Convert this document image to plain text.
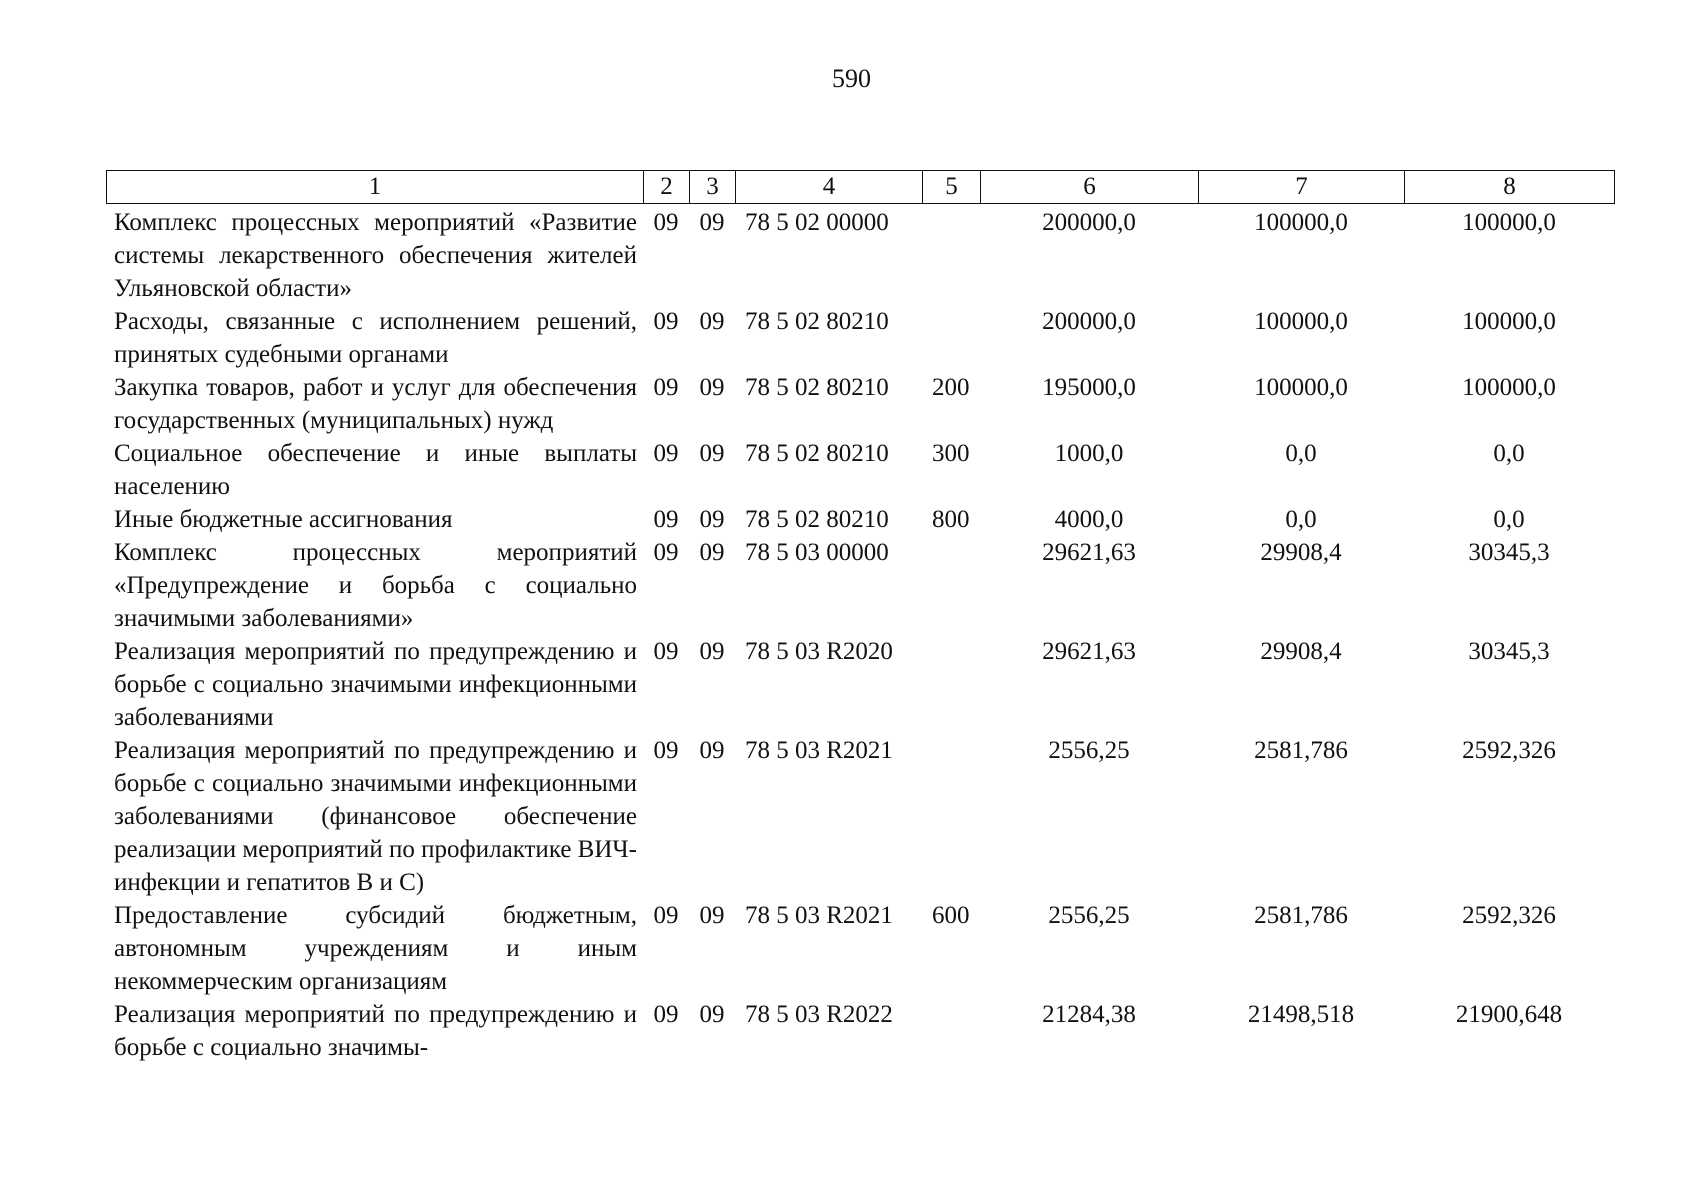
590
1	2	3	4	5	6	7	8
Комплекс процессных мероприятий «Развитие системы лекарственного обеспечения жителей Ульяновской области»	09	09	78 5 02 00000		200000,0	100000,0	100000,0
Расходы, связанные с исполнением решений, принятых судебными органами	09	09	78 5 02 80210		200000,0	100000,0	100000,0
Закупка товаров, работ и услуг для обеспечения государственных (муниципальных) нужд	09	09	78 5 02 80210	200	195000,0	100000,0	100000,0
Социальное обеспечение и иные выплаты населению	09	09	78 5 02 80210	300	1000,0	0,0	0,0
Иные бюджетные ассигнования	09	09	78 5 02 80210	800	4000,0	0,0	0,0
Комплекс процессных мероприятий «Предупреждение и борьба с социально значимыми заболеваниями»	09	09	78 5 03 00000		29621,63	29908,4	30345,3
Реализация мероприятий по предупреждению и борьбе с социально значимыми инфекционными заболеваниями	09	09	78 5 03 R2020		29621,63	29908,4	30345,3
Реализация мероприятий по предупреждению и борьбе с социально значимыми инфекционными заболеваниями (финансовое обеспечение реализации мероприятий по профилактике ВИЧ-инфекции и гепатитов В и С)	09	09	78 5 03 R2021		2556,25	2581,786	2592,326
Предоставление субсидий бюджетным, автономным учреждениям и иным некоммерческим организациям	09	09	78 5 03 R2021	600	2556,25	2581,786	2592,326
Реализация мероприятий по предупреждению и борьбе с социально значимы-	09	09	78 5 03 R2022		21284,38	21498,518	21900,648
